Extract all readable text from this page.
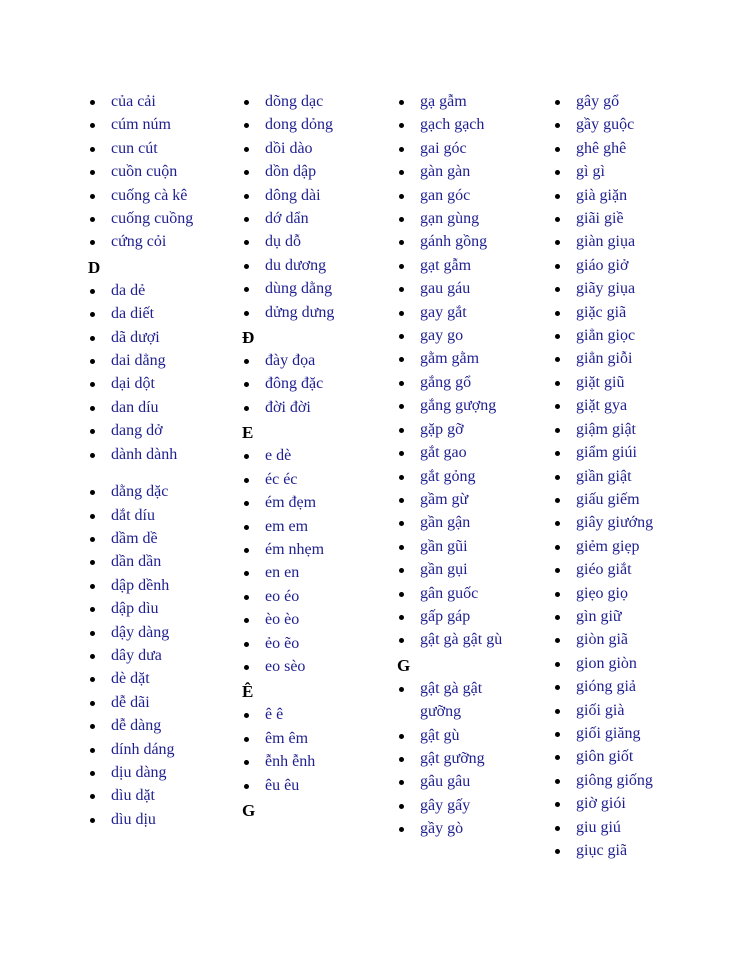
của cải
cúm núm
cun cút
cuồn cuộn
cuống cà kê
cuống cuồng
cứng cỏi
D
da dẻ
da diết
dã dượi
dai dẳng
dại dột
dan díu
dang dở
dành dành
dằng dặc
dắt díu
dầm dề
dần dần
dập dềnh
dập dìu
dậy dàng
dây dưa
dè dặt
dễ dãi
dễ dàng
dính dáng
dịu dàng
dìu dặt
dìu dịu
dõng dạc
dong dỏng
dồi dào
dồn dập
dông dài
dớ dẩn
dụ dỗ
du dương
dùng dằng
dửng dưng
Đ
đày đọa
đông đặc
đời đời
E
e dè
éc éc
ém đẹm
em em
ém nhẹm
en en
eo éo
èo èo
ẻo ẽo
eo sèo
Ê
ê ê
êm êm
ễnh ễnh
êu êu
G
gạ gẫm
gạch gạch
gai góc
gàn gàn
gan góc
gạn gùng
gánh gồng
gạt gẫm
gau gáu
gay gắt
gay go
gằm gằm
gắng gổ
gắng gượng
gặp gỡ
gắt gao
gắt gỏng
gầm gừ
gần gận
gần gũi
gần gụi
gân guốc
gấp gáp
gật gà gật gù
G
gật gà gật gưỡng
gật gù
gật gưỡng
gâu gâu
gây gấy
gầy gò
gây gổ
gầy guộc
ghê ghê
gì gì
già giặn
giãi giề
giàn giụa
giáo giở
giãy giụa
giặc giã
giẳn giọc
giẳn giỗi
giặt giũ
giặt gya
giậm giật
giẩm giúi
giần giật
giấu giếm
giây giướng
giẻm giẹp
giéo giắt
giẹo giọ
gìn giữ
giòn giã
gion giòn
gióng giả
giối già
giối giăng
giôn giốt
giông giống
giờ giói
giu giú
giục giã
